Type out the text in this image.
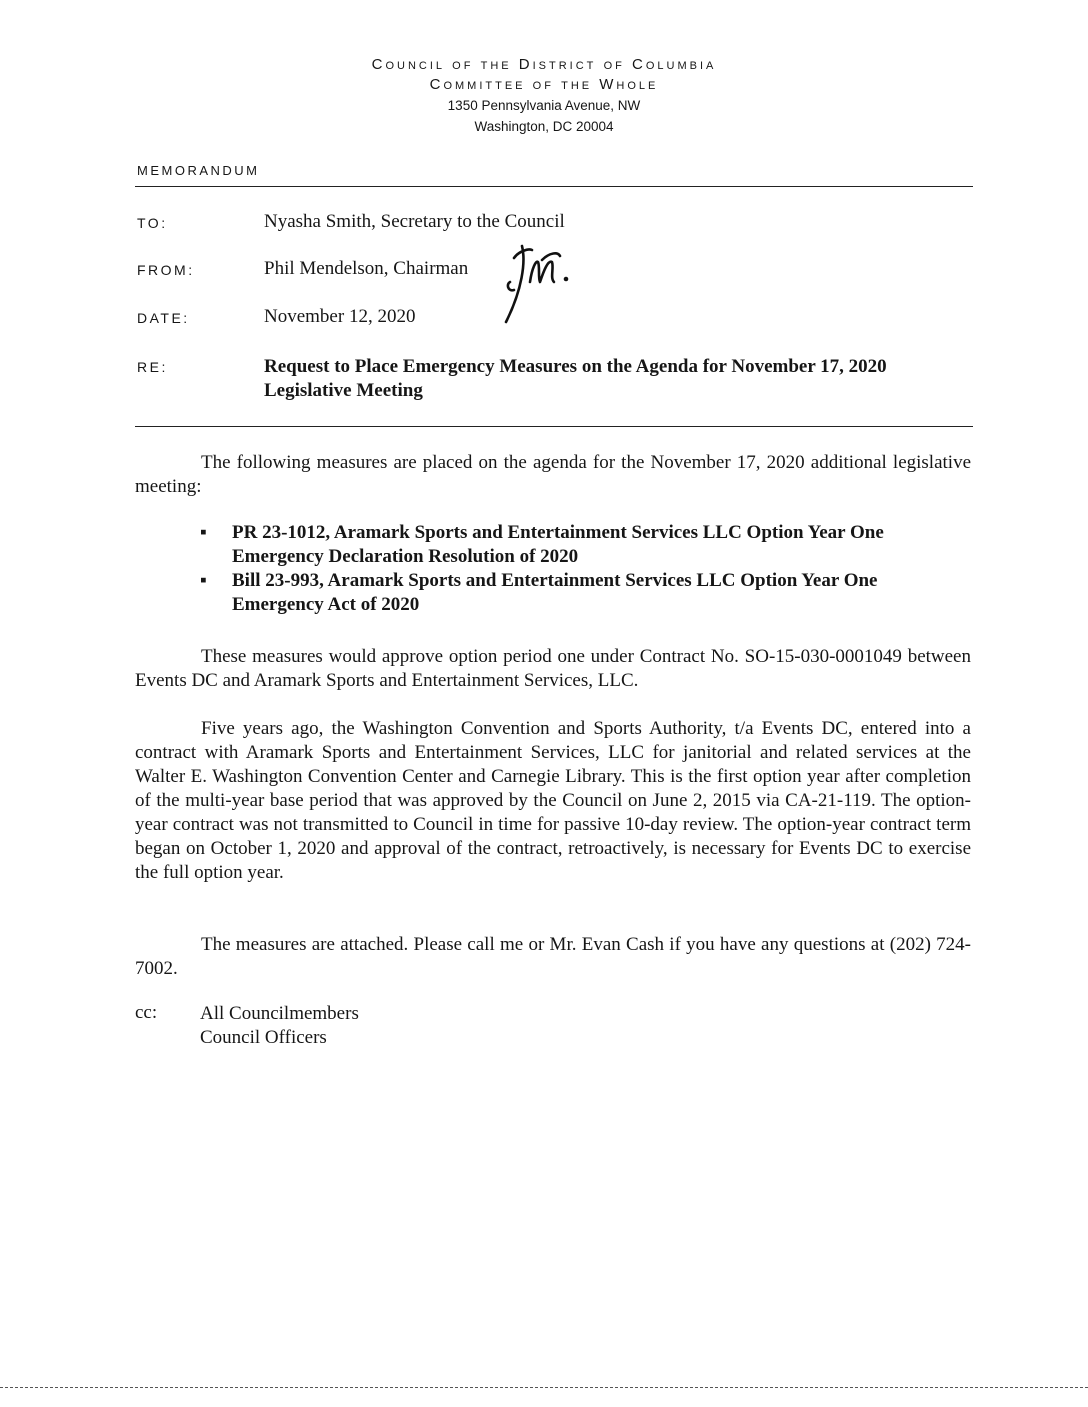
Council of the District of Columbia
Committee of the Whole
1350 Pennsylvania Avenue, NW
Washington, DC 20004
MEMORANDUM
TO:	Nyasha Smith, Secretary to the Council
FROM:	Phil Mendelson, Chairman
DATE:	November 12, 2020
RE:	Request to Place Emergency Measures on the Agenda for November 17, 2020 Legislative Meeting
The following measures are placed on the agenda for the November 17, 2020 additional legislative meeting:
▪ PR 23-1012, Aramark Sports and Entertainment Services LLC Option Year One Emergency Declaration Resolution of 2020
▪ Bill 23-993, Aramark Sports and Entertainment Services LLC Option Year One Emergency Act of 2020
These measures would approve option period one under Contract No. SO-15-030-0001049 between Events DC and Aramark Sports and Entertainment Services, LLC.
Five years ago, the Washington Convention and Sports Authority, t/a Events DC, entered into a contract with Aramark Sports and Entertainment Services, LLC for janitorial and related services at the Walter E. Washington Convention Center and Carnegie Library. This is the first option year after completion of the multi-year base period that was approved by the Council on June 2, 2015 via CA-21-119. The option-year contract was not transmitted to Council in time for passive 10-day review. The option-year contract term began on October 1, 2020 and approval of the contract, retroactively, is necessary for Events DC to exercise the full option year.
The measures are attached. Please call me or Mr. Evan Cash if you have any questions at (202) 724-7002.
cc: All Councilmembers
Council Officers
